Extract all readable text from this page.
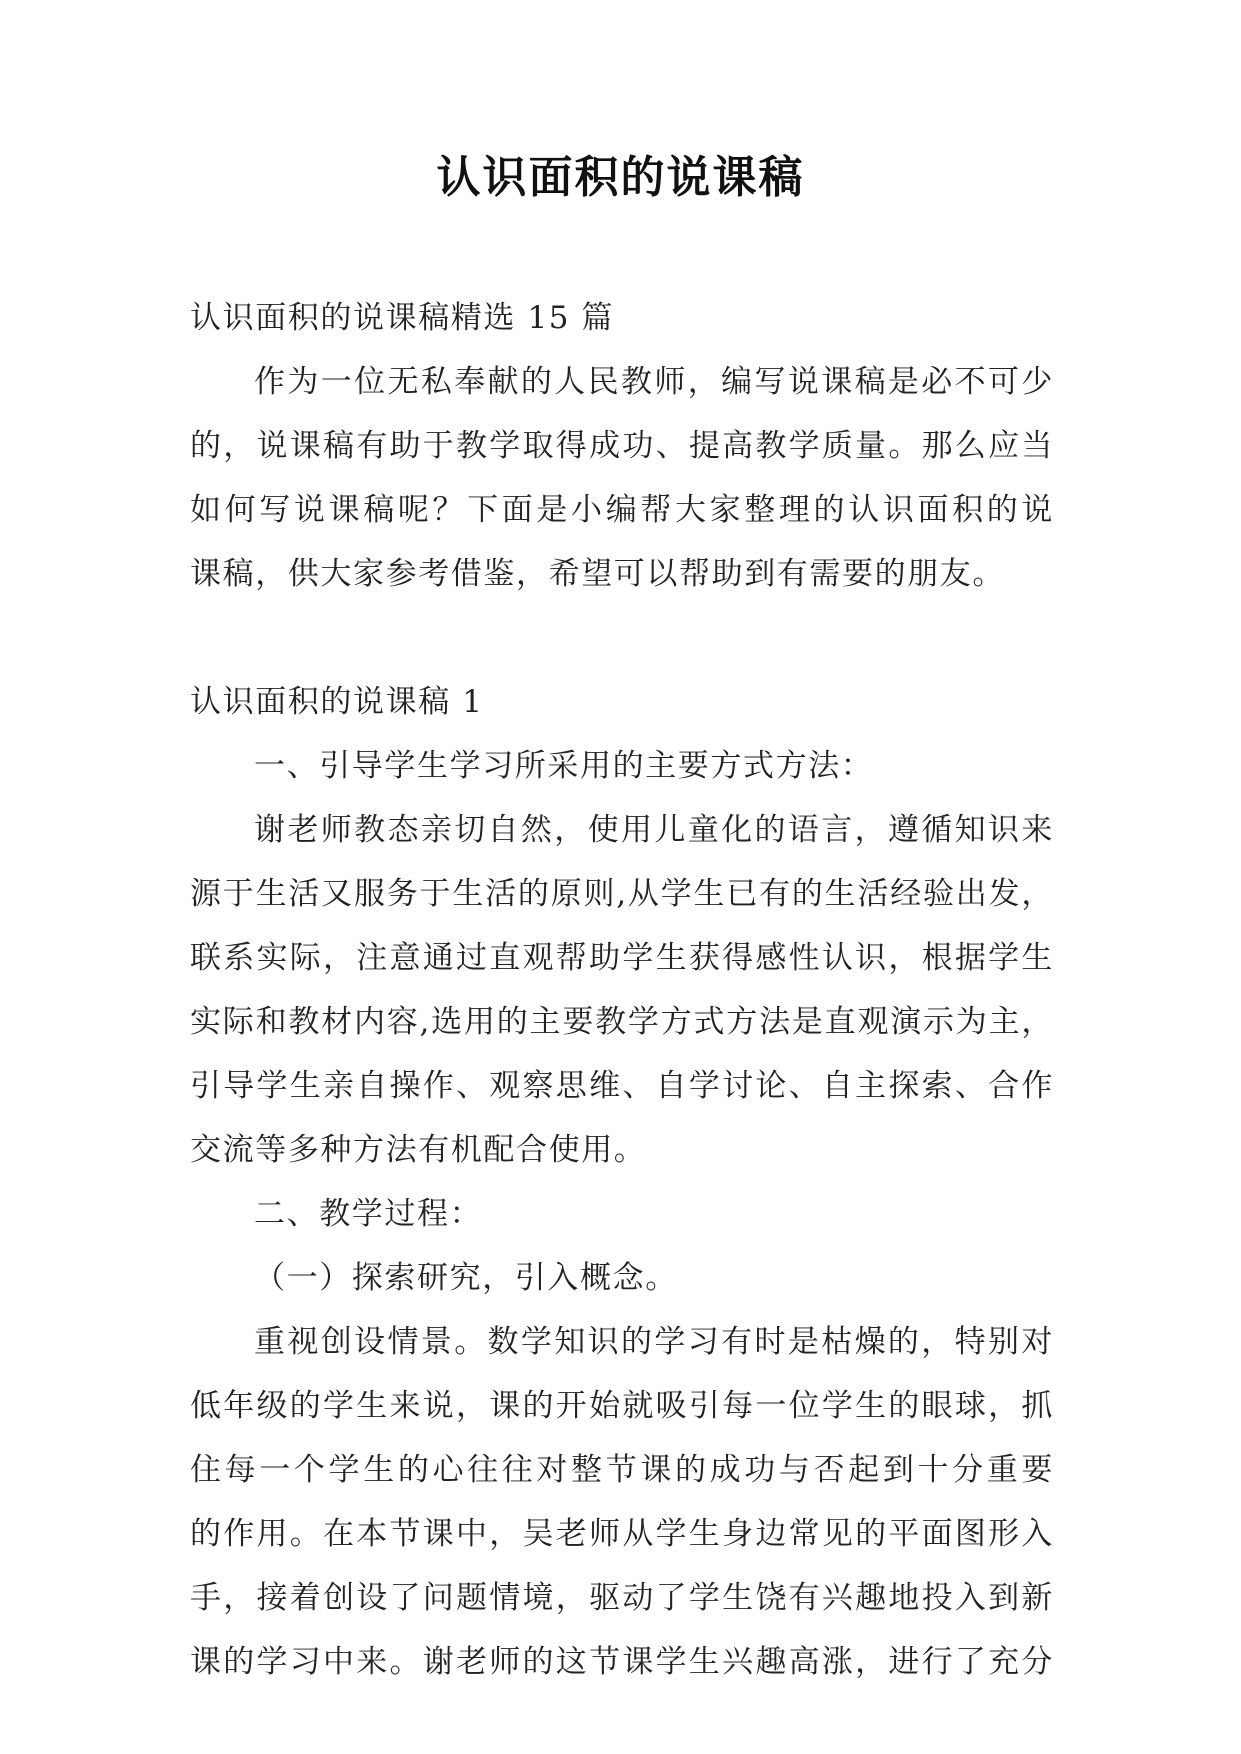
认识面积的说课稿
认识面积的说课稿精选 15 篇
作为一位无私奉献的人民教师，编写说课稿是必不可少
的，说课稿有助于教学取得成功、提高教学质量。那么应当
如何写说课稿呢？下面是小编帮大家整理的认识面积的说
课稿，供大家参考借鉴，希望可以帮助到有需要的朋友。
认识面积的说课稿 1
一、引导学生学习所采用的主要方式方法：
谢老师教态亲切自然，使用儿童化的语言，遵循知识来
源于生活又服务于生活的原则,从学生已有的生活经验出发，
联系实际，注意通过直观帮助学生获得感性认识，根据学生
实际和教材内容,选用的主要教学方式方法是直观演示为主，
引导学生亲自操作、观察思维、自学讨论、自主探索、合作
交流等多种方法有机配合使用。
二、教学过程：
（一）探索研究，引入概念。
重视创设情景。数学知识的学习有时是枯燥的，特别对
低年级的学生来说，课的开始就吸引每一位学生的眼球，抓
住每一个学生的心往往对整节课的成功与否起到十分重要
的作用。在本节课中，吴老师从学生身边常见的平面图形入
手，接着创设了问题情境，驱动了学生饶有兴趣地投入到新
课的学习中来。谢老师的这节课学生兴趣高涨，进行了充分
